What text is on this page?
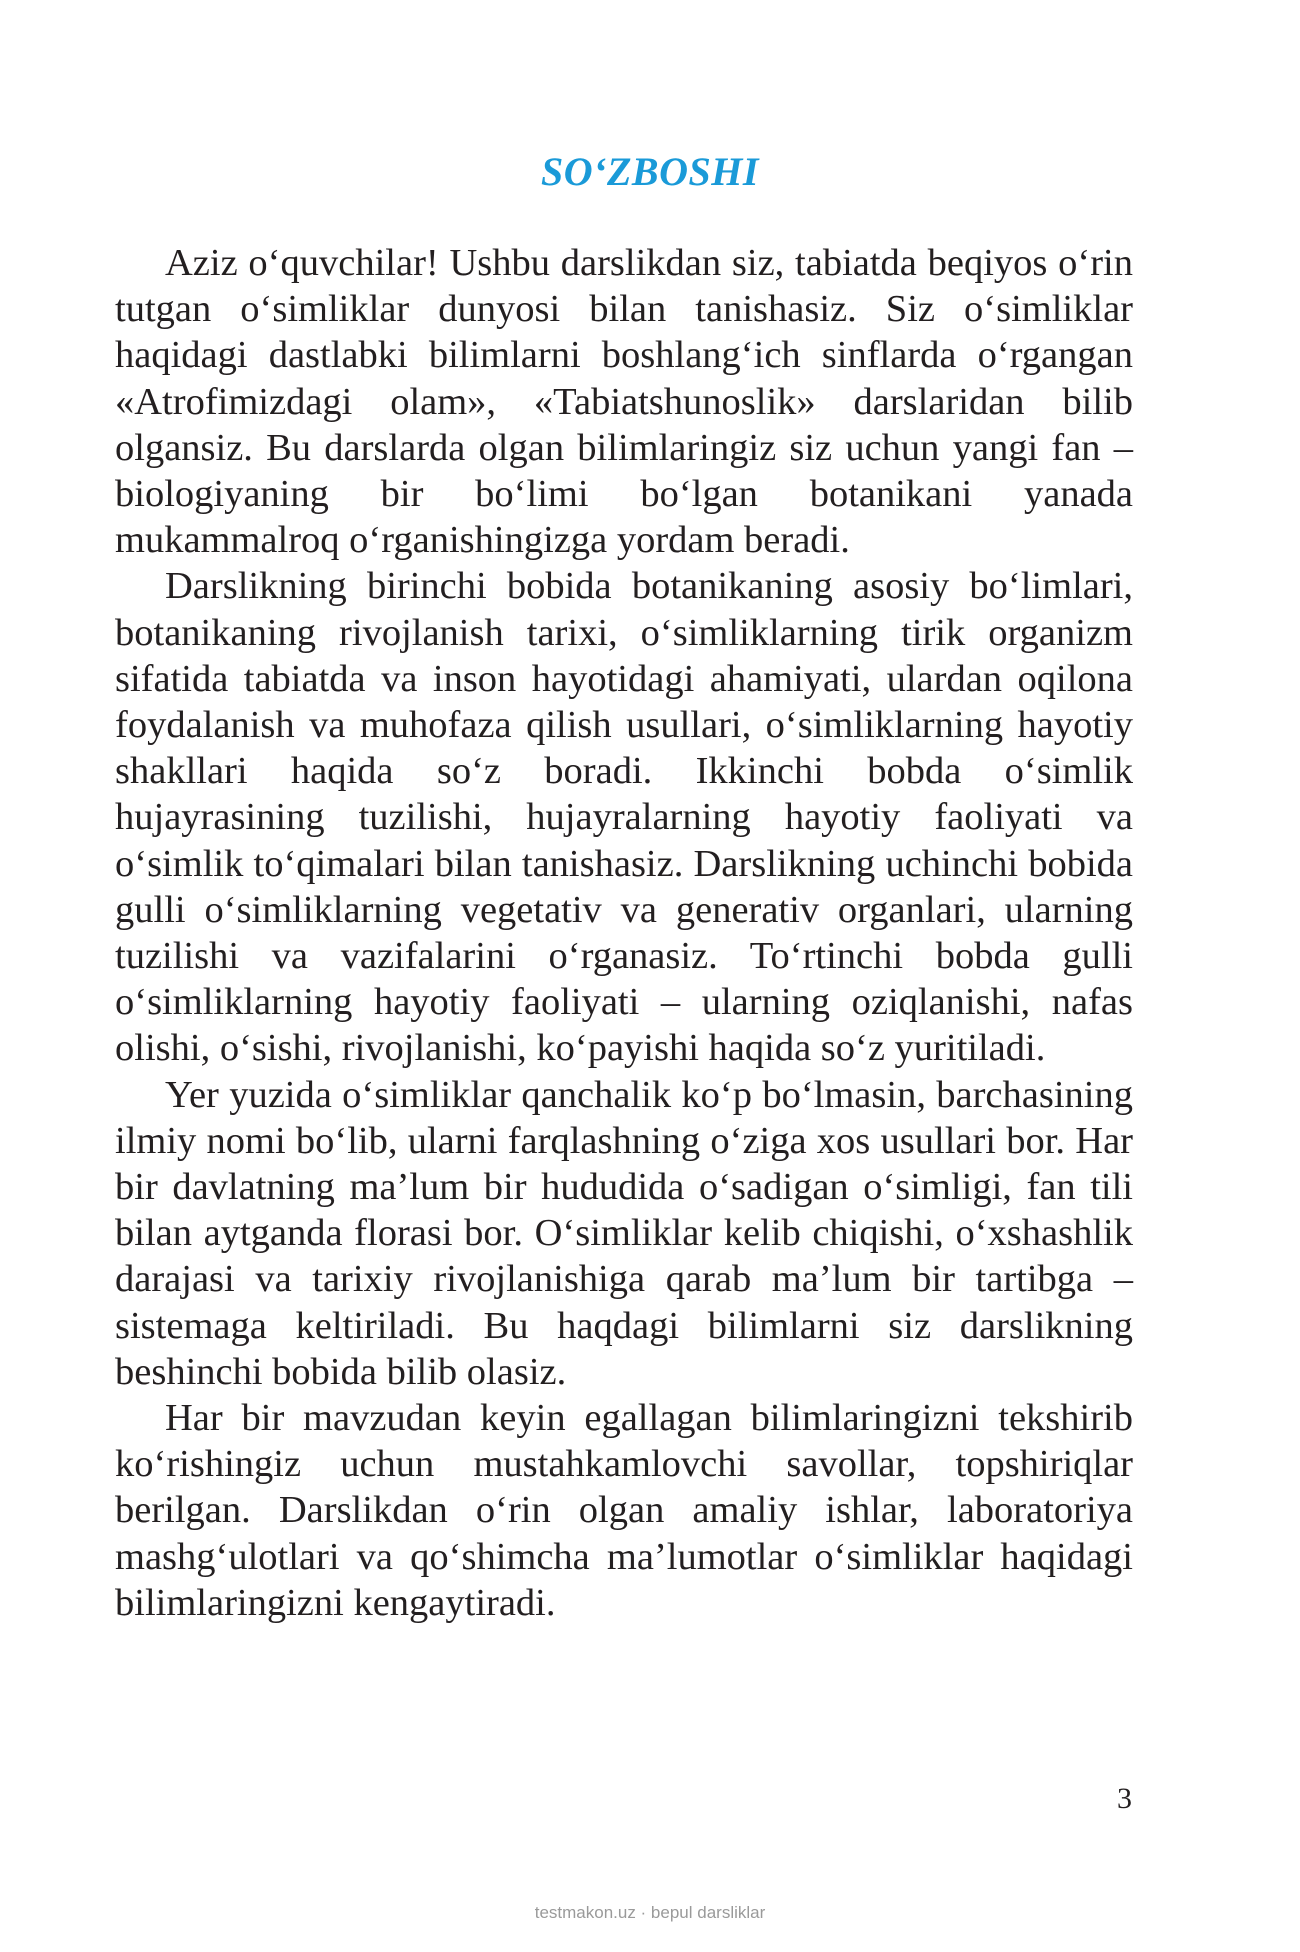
SO‘ZBOSHI

Aziz o‘quvchilar! Ushbu darslikdan siz, tabiatda beqiyos o‘rin tutgan o‘simliklar dunyosi bilan tanishasiz. Siz o‘simliklar haqidagi dastlabki bilimlarni boshlang‘ich sinflarda o‘rgangan «Atrofimizdagi olam», «Tabiatshunoslik» darslaridan bilib olgansiz. Bu darslarda olgan bilimlaringiz siz uchun yangi fan – biologiyaning bir bo‘limi bo‘lgan botanikani yanada mukammalroq o‘rganishingizga yordam beradi.

Darslikning birinchi bobida botanikaning asosiy bo‘limlari, botanikaning rivojlanish tarixi, o‘simliklarning tirik organizm sifatida tabiatda va inson hayotidagi ahamiyati, ulardan oqilona foydalanish va muhofaza qilish usullari, o‘simliklarning hayotiy shakllari haqida so‘z boradi. Ikkinchi bobda o‘simlik hujayrasining tuzilishi, hujayralarning hayotiy faoliyati va o‘simlik to‘qimalari bilan tanishasiz. Darslikning uchinchi bobida gulli o‘simliklarning vegetativ va generativ organlari, ularning tuzilishi va vazifalarini o‘rganasiz. To‘rtinchi bobda gulli o‘simliklarning hayotiy faoliyati – ularning oziqlanishi, nafas olishi, o‘sishi, rivojlanishi, ko‘payishi haqida so‘z yuritiladi.

Yer yuzida o‘simliklar qanchalik ko‘p bo‘lmasin, barchasining ilmiy nomi bo‘lib, ularni farqlashning o‘ziga xos usullari bor. Har bir davlatning ma’lum bir hududida o‘sadigan o‘simligi, fan tili bilan aytganda florasi bor. O‘simliklar kelib chiqishi, o‘xshashlik darajasi va tarixiy rivojlanishiga qarab ma’lum bir tartibga – sistemaga keltiriladi. Bu haqdagi bilimlarni siz darslikning beshinchi bobida bilib olasiz.

Har bir mavzudan keyin egallagan bilimlaringizni tekshirib ko‘rishingiz uchun mustahkamlovchi savollar, topshiriqlar berilgan. Darslikdan o‘rin olgan amaliy ishlar, laboratoriya mashg‘ulotlari va qo‘shimcha ma’lumotlar o‘simliklar haqidagi bilimlaringizni kengaytiradi.

3
testmakon.uz · bepul darsliklar
